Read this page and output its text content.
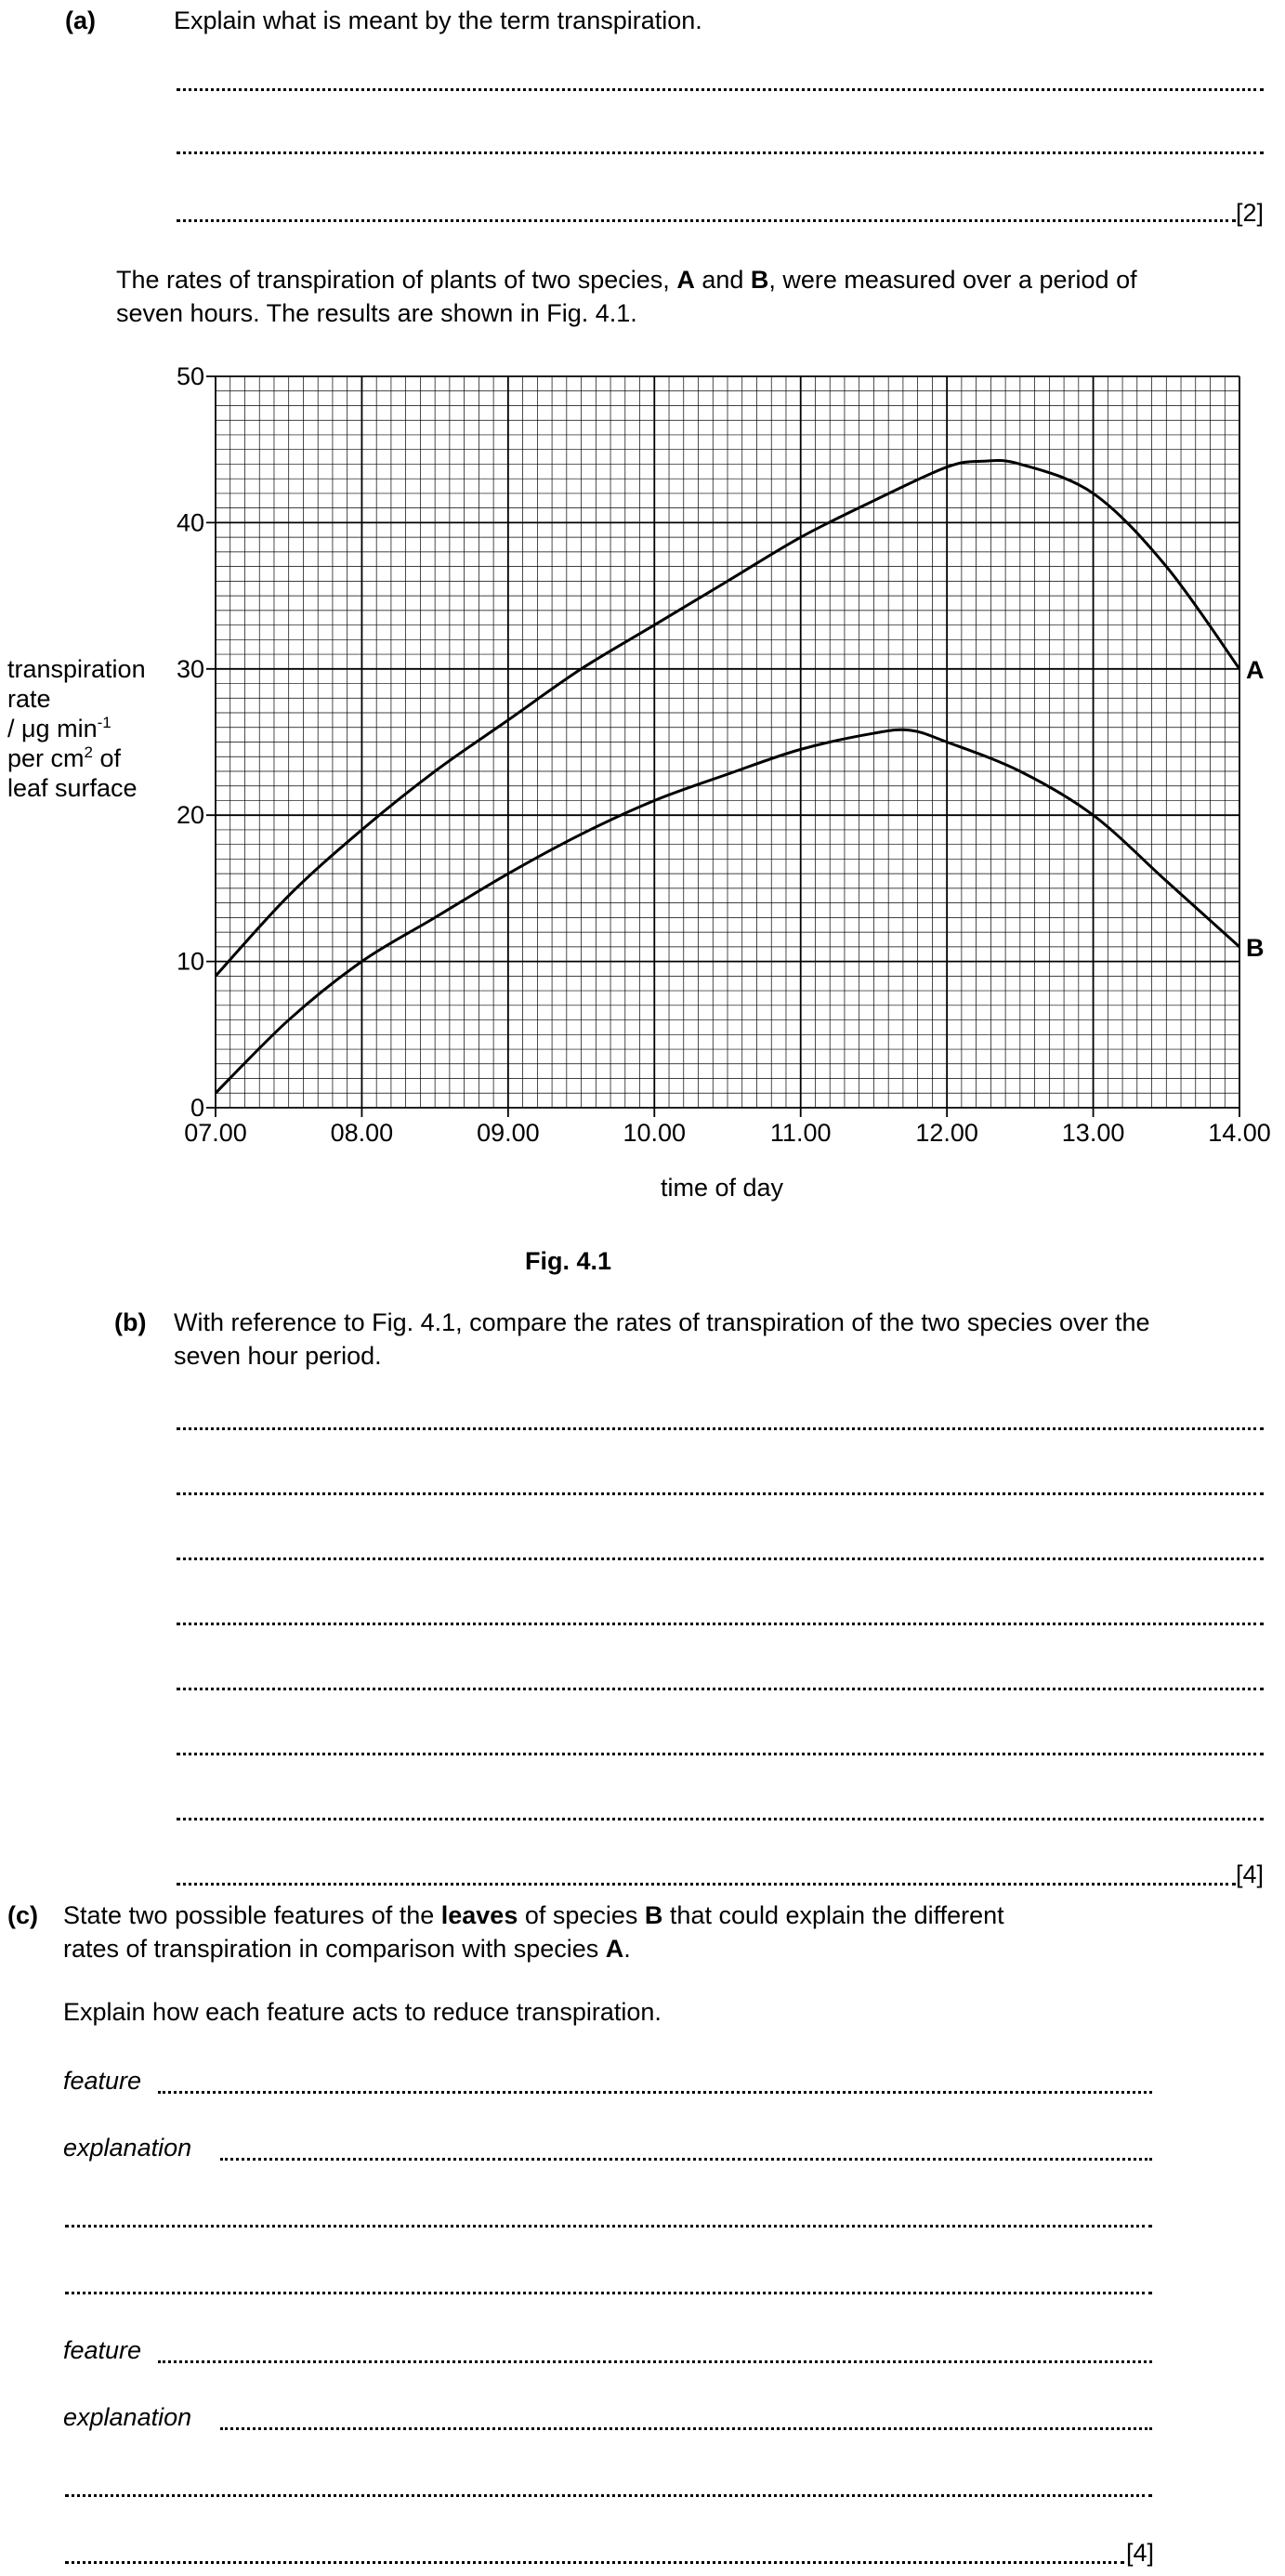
(a)	Explain what is meant by the term transpiration.
[2]
The rates of transpiration of plants of two species, A and B, were measured over a period of
seven hours. The results are shown in Fig. 4.1.
transpiration
rate
/ μg $\min^{-1}$
per $cm^2$ of
leaf surface
0
10
20
30
40
50
07.00	08.00	09.00	10.00	11.00	12.00	13.00	14.00
A
B
time of day
Fig. 4.1
(b) With reference to Fig. 4.1, compare the rates of transpiration of the two species over the
seven hour period.
[4]
(c) State two possible features of the leaves of species B that could explain the different
rates of transpiration in comparison with species A.
Explain how each feature acts to reduce transpiration.
feature
explanation
feature
explanation
[4]
